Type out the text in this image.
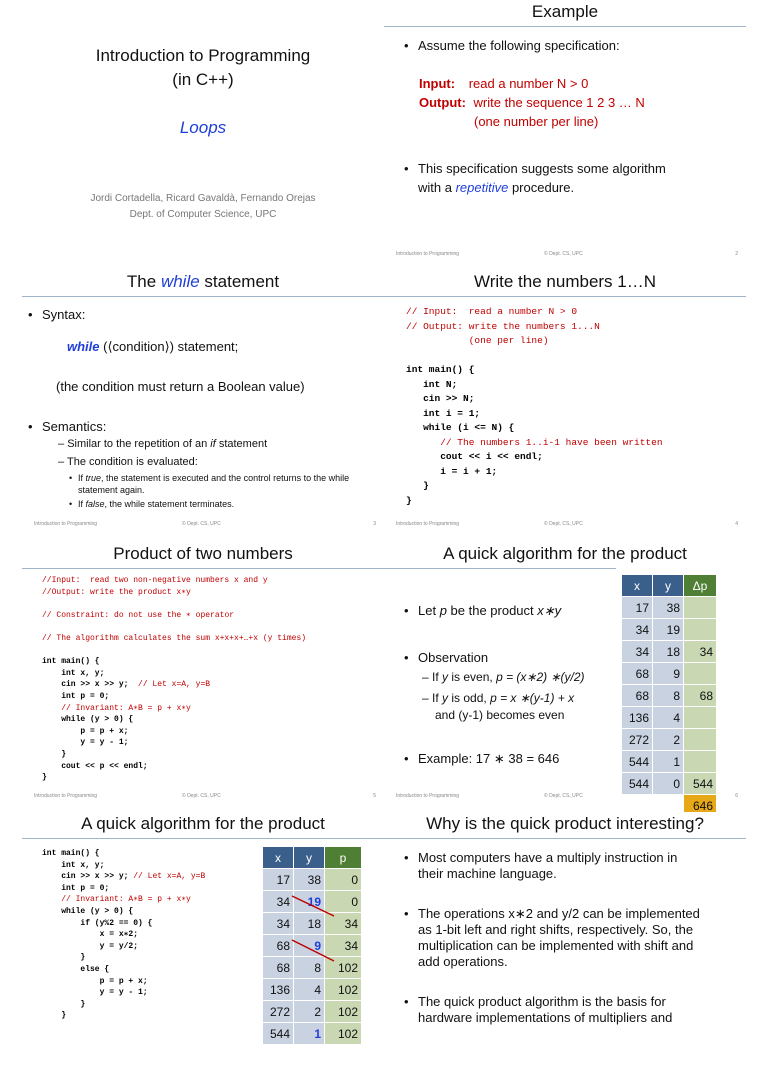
Introduction to Programming
(in C++)
Loops
Jordi Cortadella, Ricard Gavaldà, Fernando Orejas
Dept. of Computer Science, UPC
Example
• Assume the following specification:
Input: read a number N > 0
Output: write the sequence 1 2 3 … N
(one number per line)
• This specification suggests some algorithm
with a repetitive procedure.
Introduction to Programming	© Dept. CS, UPC	2
The while statement
• Syntax:
while (⟨condition⟩) statement;
(the condition must return a Boolean value)
• Semantics:
– Similar to the repetition of an if statement
– The condition is evaluated:
• If true, the statement is executed and the control returns to the while statement again.
• If false, the while statement terminates.
Introduction to Programming	© Dept. CS, UPC	3
Write the numbers 1…N
// Input:  read a number N > 0
// Output: write the numbers 1...N
(one per line)

int main() {
int N;
cin >> N;
int i = 1;
while (i <= N) {
// The numbers 1..i-1 have been written
cout << i << endl;
i = i + 1;
}
}
Introduction to Programming	© Dept. CS, UPC	4
Product of two numbers
//Input:  read two non-negative numbers x and y
//Output: write the product x∗y

// Constraint: do not use the ∗ operator

// The algorithm calculates the sum x+x+x+…+x (y times)

int main() {
int x, y;
cin >> x >> y; // Let x=A, y=B
int p = 0;
// Invariant: A∗B = p + x∗y
while (y > 0) {
p = p + x;
y = y - 1;
}
cout << p << endl;
}
Introduction to Programming	© Dept. CS, UPC	5
A quick algorithm for the product
• Let p be the product x∗y
• Observation
– If y is even, p = (x∗2) ∗(y/2)
– If y is odd, p = x ∗(y-1) + x
and (y-1) becomes even
• Example: 17 ∗ 38 = 646
x	y	Δp
17	38	
34	19	
34	18	34
68	9	
68	8	68
136	4	
272	2	
544	1	
544	0	544
		646
Introduction to Programming	© Dept. CS, UPC	6
A quick algorithm for the product
int main() {
int x, y;
cin >> x >> y; // Let x=A, y=B
int p = 0;
// Invariant: A∗B = p + x∗y
while (y > 0) {
if (y%2 == 0) {
x = x∗2;
y = y/2;
}
else {
p = p + x;
y = y - 1;
}
}
x	y	p
17	38	0
34	19	0
34	18	34
68	9	34
68	8	102
136	4	102
272	2	102
544	1	102
Why is the quick product interesting?
• Most computers have a multiply instruction in
their machine language.
• The operations x∗2 and y/2 can be implemented
as 1-bit left and right shifts, respectively. So, the
multiplication can be implemented with shift and
add operations.
• The quick product algorithm is the basis for
hardware implementations of multipliers and
